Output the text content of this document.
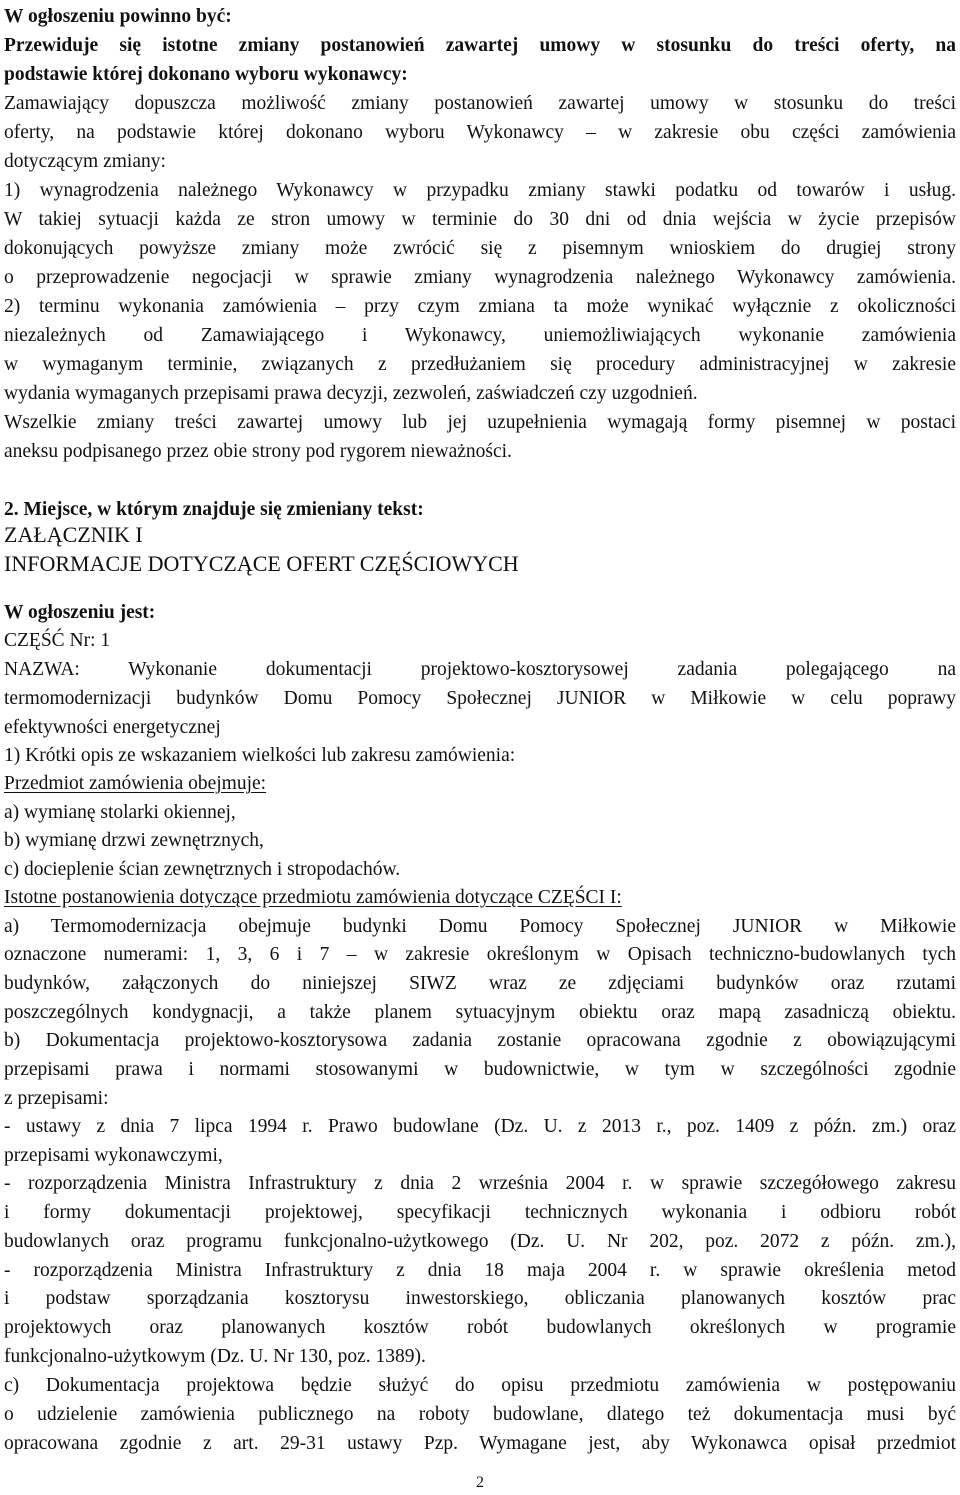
W ogłoszeniu powinno być:
Przewiduje się istotne zmiany postanowień zawartej umowy w stosunku do treści oferty, na
podstawie której dokonano wyboru wykonawcy:
Zamawiający dopuszcza możliwość zmiany postanowień zawartej umowy w stosunku do treści
oferty, na podstawie której dokonano wyboru Wykonawcy – w zakresie obu części zamówienia
dotyczącym zmiany:
1) wynagrodzenia należnego Wykonawcy w przypadku zmiany stawki podatku od towarów i usług.
W takiej sytuacji każda ze stron umowy w terminie do 30 dni od dnia wejścia w życie przepisów
dokonujących powyższe zmiany może zwrócić się z pisemnym wnioskiem do drugiej strony
o przeprowadzenie negocjacji w sprawie zmiany wynagrodzenia należnego Wykonawcy zamówienia.
2) terminu wykonania zamówienia – przy czym zmiana ta może wynikać wyłącznie z okoliczności
niezależnych od Zamawiającego i Wykonawcy, uniemożliwiających wykonanie zamówienia
w wymaganym terminie, związanych z przedłużaniem się procedury administracyjnej w zakresie
wydania wymaganych przepisami prawa decyzji, zezwoleń, zaświadczeń czy uzgodnień.
Wszelkie zmiany treści zawartej umowy lub jej uzupełnienia wymagają formy pisemnej w postaci
aneksu podpisanego przez obie strony pod rygorem nieważności.
2. Miejsce, w którym znajduje się zmieniany tekst:
ZAŁĄCZNIK I
INFORMACJE DOTYCZĄCE OFERT CZĘŚCIOWYCH
W ogłoszeniu jest:
CZĘŚĆ Nr: 1
NAZWA: Wykonanie dokumentacji projektowo-kosztorysowej zadania polegającego na
termomodernizacji budynków Domu Pomocy Społecznej JUNIOR w Miłkowie w celu poprawy
efektywności energetycznej
1) Krótki opis ze wskazaniem wielkości lub zakresu zamówienia:
Przedmiot zamówienia obejmuje:
a) wymianę stolarki okiennej,
b) wymianę drzwi zewnętrznych,
c) docieplenie ścian zewnętrznych i stropodachów.
Istotne postanowienia dotyczące przedmiotu zamówienia dotyczące CZĘŚCI I:
a) Termomodernizacja obejmuje budynki Domu Pomocy Społecznej JUNIOR w Miłkowie
oznaczone numerami: 1, 3, 6 i 7 – w zakresie określonym w Opisach techniczno-budowlanych tych
budynków, załączonych do niniejszej SIWZ wraz ze zdjęciami budynków oraz rzutami
poszczególnych kondygnacji, a także planem sytuacyjnym obiektu oraz mapą zasadniczą obiektu.
b) Dokumentacja projektowo-kosztorysowa zadania zostanie opracowana zgodnie z obowiązującymi
przepisami prawa i normami stosowanymi w budownictwie, w tym w szczególności zgodnie
z przepisami:
- ustawy z dnia 7 lipca 1994 r. Prawo budowlane (Dz. U. z 2013 r., poz. 1409 z późn. zm.) oraz
przepisami wykonawczymi,
- rozporządzenia Ministra Infrastruktury z dnia 2 września 2004 r. w sprawie szczegółowego zakresu
i formy dokumentacji projektowej, specyfikacji technicznych wykonania i odbioru robót
budowlanych oraz programu funkcjonalno-użytkowego (Dz. U. Nr 202, poz. 2072 z późn. zm.),
- rozporządzenia Ministra Infrastruktury z dnia 18 maja 2004 r. w sprawie określenia metod
i podstaw sporządzania kosztorysu inwestorskiego, obliczania planowanych kosztów prac
projektowych oraz planowanych kosztów robót budowlanych określonych w programie
funkcjonalno-użytkowym (Dz. U. Nr 130, poz. 1389).
c) Dokumentacja projektowa będzie służyć do opisu przedmiotu zamówienia w postępowaniu
o udzielenie zamówienia publicznego na roboty budowlane, dlatego też dokumentacja musi być
opracowana zgodnie z art. 29-31 ustawy Pzp. Wymagane jest, aby Wykonawca opisał przedmiot
2
